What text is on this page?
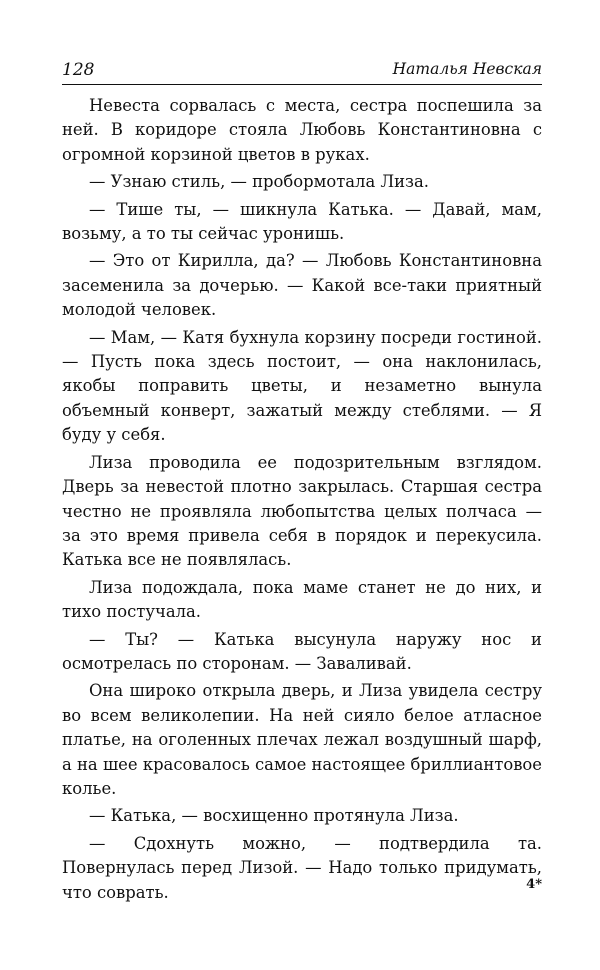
128	Наталья Невская

Невеста сорвалась с места, сестра поспешила за ней. В коридоре стояла Любовь Константиновна с огромной корзиной цветов в руках.

— Узнаю стиль, — пробормотала Лиза.

— Тише ты, — шикнула Катька. — Давай, мам, возьму, а то ты сейчас уронишь.

— Это от Кирилла, да? — Любовь Константиновна засеменила за дочерью. — Какой все-таки приятный молодой человек.

— Мам, — Катя бухнула корзину посреди гостиной. — Пусть пока здесь постоит, — она наклонилась, якобы поправить цветы, и незаметно вынула объемный конверт, зажатый между стеблями. — Я буду у себя.

Лиза проводила ее подозрительным взглядом. Дверь за невестой плотно закрылась. Старшая сестра честно не проявляла любопытства целых полчаса — за это время привела себя в порядок и перекусила. Катька все не появлялась.

Лиза подождала, пока маме станет не до них, и тихо постучала.

— Ты? — Катька высунула наружу нос и осмотрелась по сторонам. — Заваливай.

Она широко открыла дверь, и Лиза увидела сестру во всем великолепии. На ней сияло белое атласное платье, на оголенных плечах лежал воздушный шарф, а на шее красовалось самое настоящее бриллиантовое колье.

— Катька, — восхищенно протянула Лиза.

— Сдохнуть можно, — подтвердила та. Повернулась перед Лизой. — Надо только придумать, что соврать.	4*
